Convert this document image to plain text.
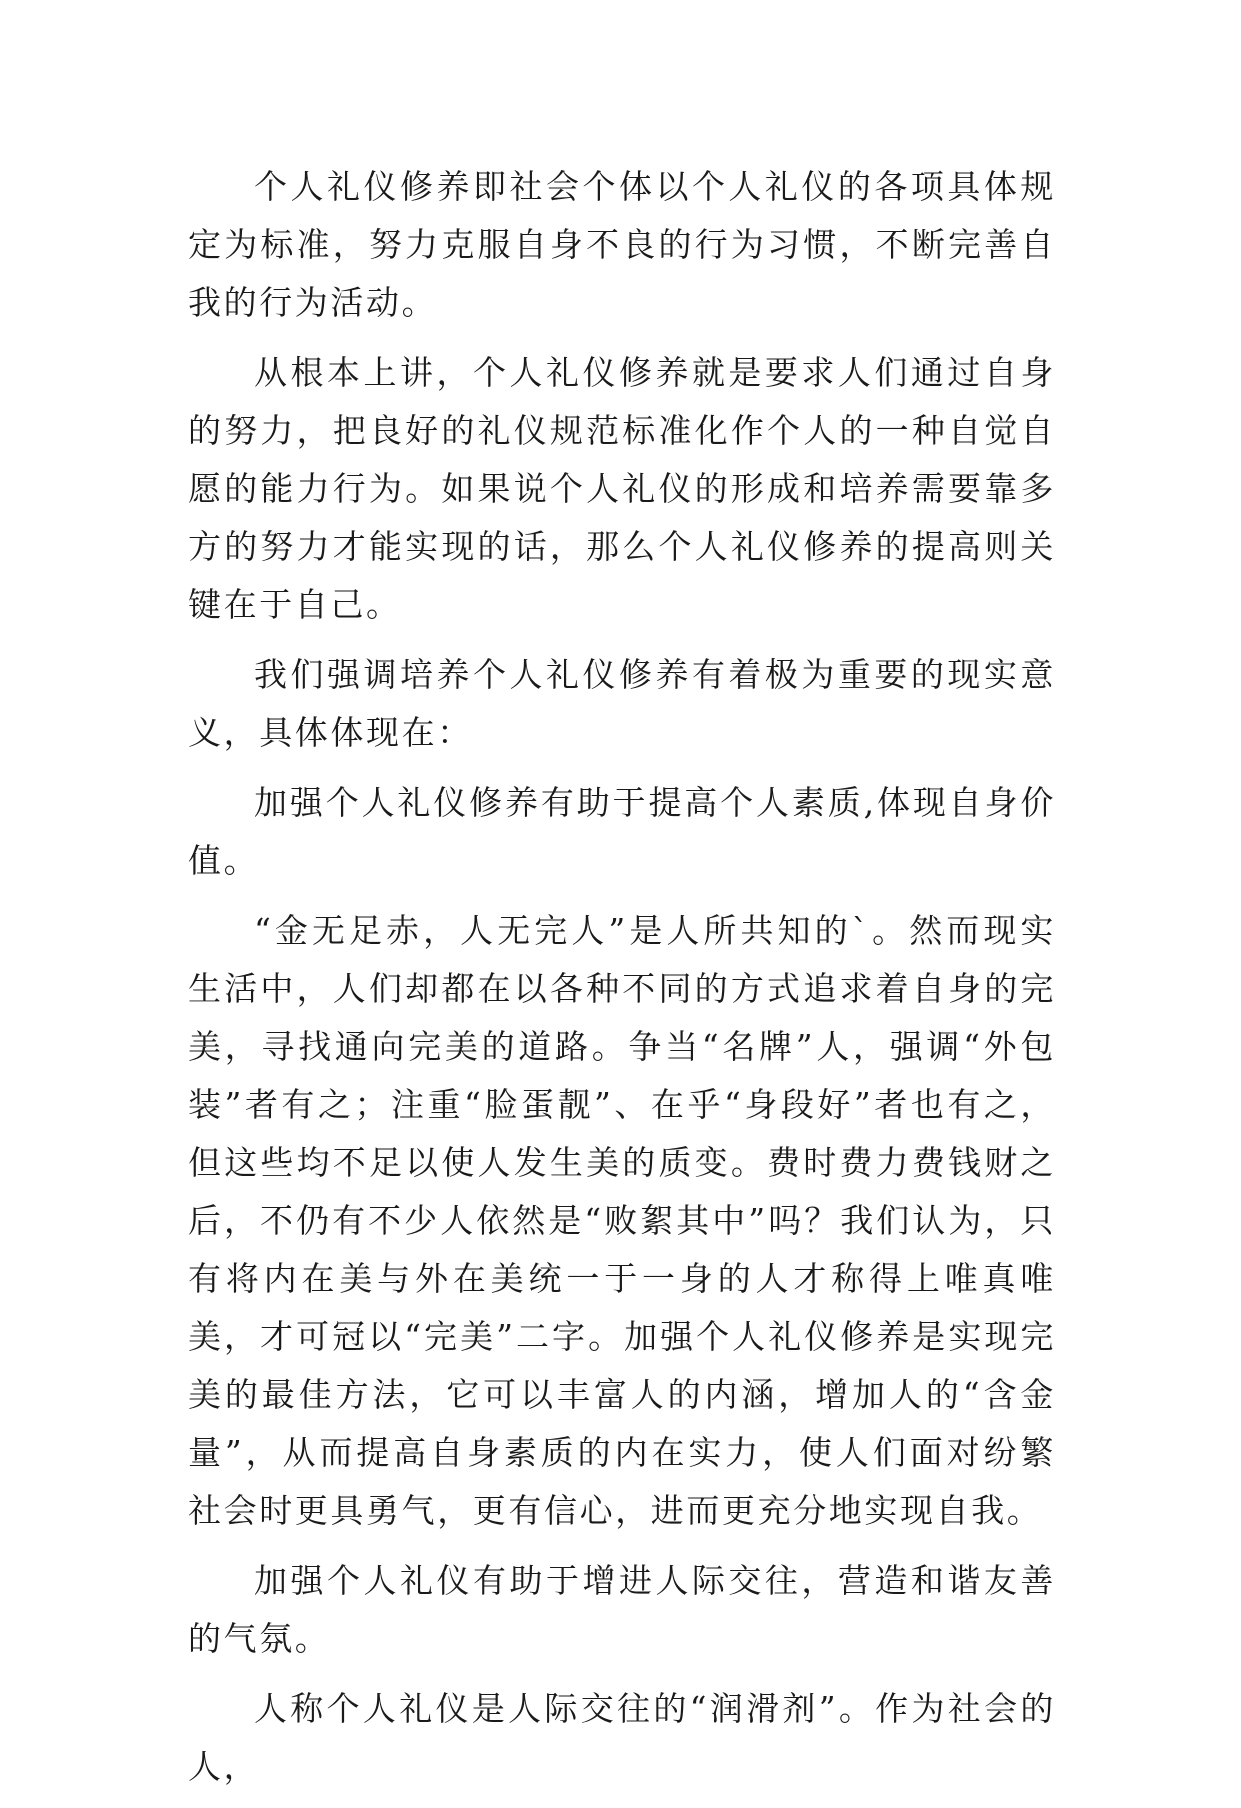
个人礼仪修养即社会个体以个人礼仪的各项具体规定为标准，努力克服自身不良的行为习惯，不断完善自我的行为活动。

从根本上讲，个人礼仪修养就是要求人们通过自身的努力，把良好的礼仪规范标准化作个人的一种自觉自愿的能力行为。如果说个人礼仪的形成和培养需要靠多方的努力才能实现的话，那么个人礼仪修养的提高则关键在于自己。

我们强调培养个人礼仪修养有着极为重要的现实意义，具体体现在：

加强个人礼仪修养有助于提高个人素质,体现自身价值。

“金无足赤，人无完人”是人所共知的`。然而现实生活中，人们却都在以各种不同的方式追求着自身的完美，寻找通向完美的道路。争当“名牌”人，强调“外包装”者有之；注重“脸蛋靓”、在乎“身段好”者也有之，但这些均不足以使人发生美的质变。费时费力费钱财之后，不仍有不少人依然是“败絮其中”吗？我们认为，只有将内在美与外在美统一于一身的人才称得上唯真唯美，才可冠以“完美”二字。加强个人礼仪修养是实现完美的最佳方法，它可以丰富人的内涵，增加人的“含金量”，从而提高自身素质的内在实力，使人们面对纷繁社会时更具勇气，更有信心，进而更充分地实现自我。

加强个人礼仪有助于增进人际交往，营造和谐友善的气氛。

人称个人礼仪是人际交往的“润滑剂”。作为社会的人，
